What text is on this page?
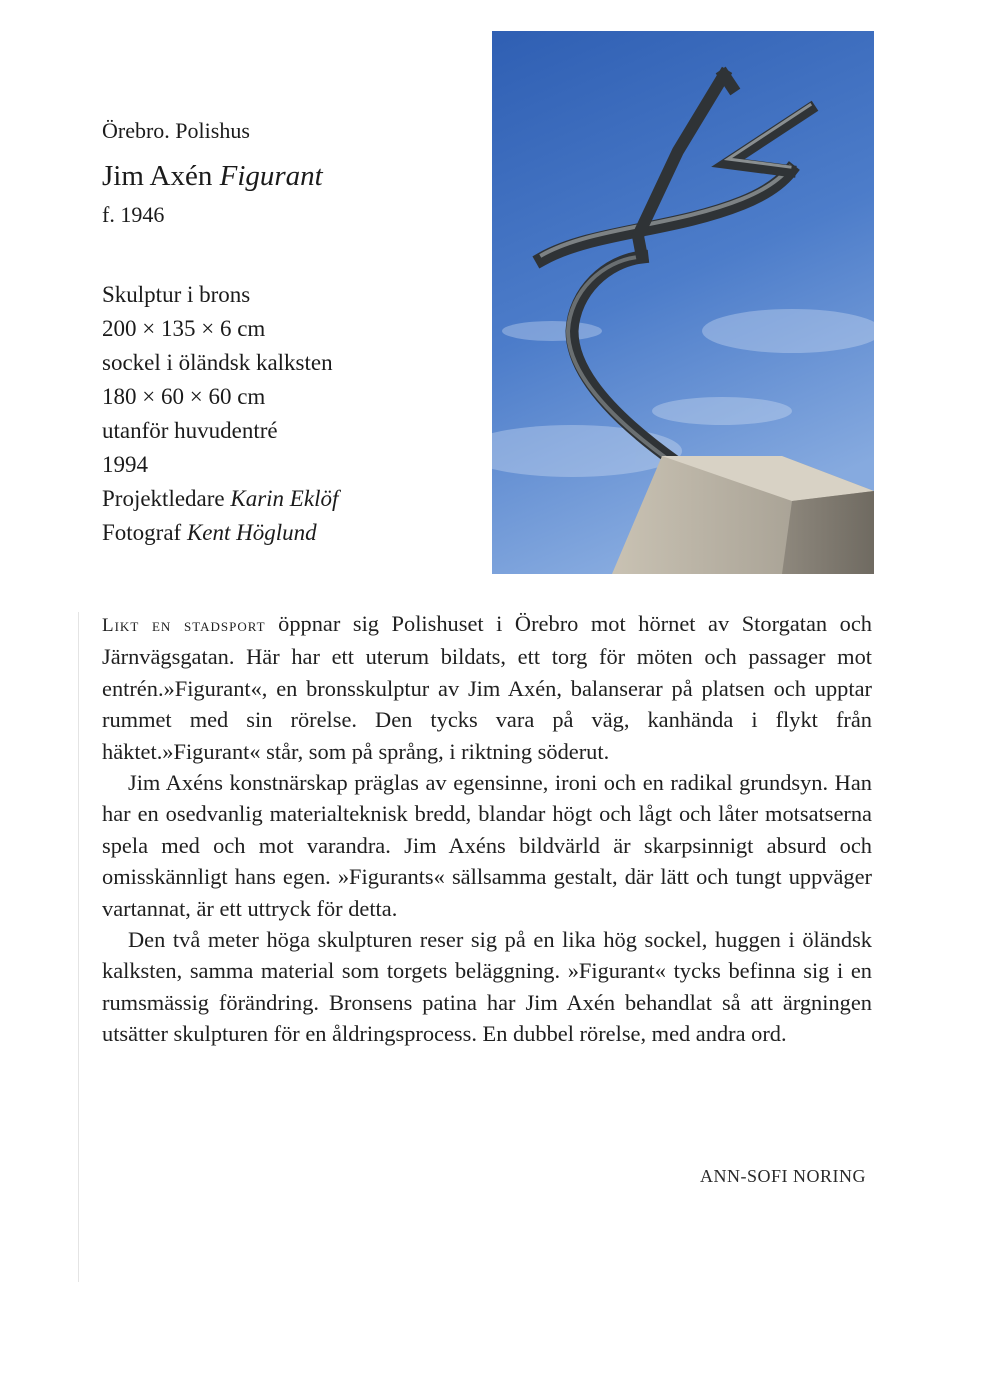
Örebro. Polishus

Jim Axén Figurant

f. 1946

Skulptur i brons
200 × 135 × 6 cm
sockel i öländsk kalksten
180 × 60 × 60 cm
utanför huvudentré
1994
Projektledare Karin Eklöf
Fotograf Kent Höglund

Likt en stadsport öppnar sig Polishuset i Örebro mot hörnet av Storgatan och Järnvägsgatan. Här har ett uterum bildats, ett torg för möten och passager mot entrén.»Figurant«, en bronsskulptur av Jim Axén, balanserar på platsen och upptar rummet med sin rörelse. Den tycks vara på väg, kanhända i flykt från häktet.»Figurant« står, som på språng, i riktning söderut.

Jim Axéns konstnärskap präglas av egensinne, ironi och en radikal grundsyn. Han har en osedvanlig materialteknisk bredd, blandar högt och lågt och låter motsatserna spela med och mot varandra. Jim Axéns bildvärld är skarpsinnigt absurd och omisskännligt hans egen. »Figurants« sällsamma gestalt, där lätt och tungt uppväger vartannat, är ett uttryck för detta.

Den två meter höga skulpturen reser sig på en lika hög sockel, huggen i öländsk kalksten, samma material som torgets beläggning. »Figurant« tycks befinna sig i en rumsmässig förändring. Bronsens patina har Jim Axén behandlat så att ärgningen utsätter skulpturen för en åldringsprocess. En dubbel rörelse, med andra ord.

ANN-SOFI NORING
